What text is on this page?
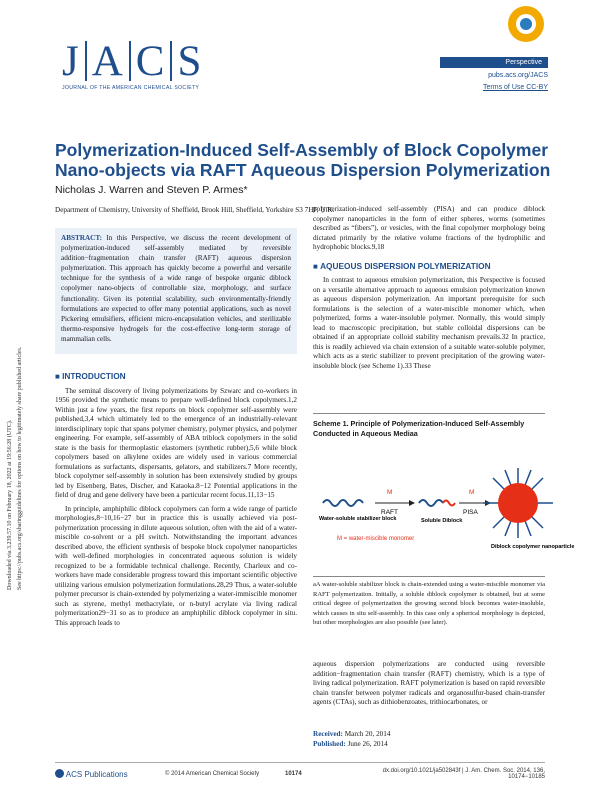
J A C S
JOURNAL OF THE AMERICAN CHEMICAL SOCIETY
Perspective
pubs.acs.org/JACS
Terms of Use CC-BY
Polymerization-Induced Self-Assembly of Block Copolymer Nano-objects via RAFT Aqueous Dispersion Polymerization
Nicholas J. Warren and Steven P. Armes*
Department of Chemistry, University of Sheffield, Brook Hill, Sheffield, Yorkshire S3 7HF, U.K.
Downloaded via 3.239.57.10 on February 18, 2022 at 19:56:28 (UTC). See https://pubs.acs.org/sharingguidelines for options on how to legitimately share published articles.
ABSTRACT: In this Perspective, we discuss the recent development of polymerization-induced self-assembly mediated by reversible addition−fragmentation chain transfer (RAFT) aqueous dispersion polymerization. This approach has quickly become a powerful and versatile technique for the synthesis of a wide range of bespoke organic diblock copolymer nano-objects of controllable size, morphology, and surface functionality. Given its potential scalability, such environmentally-friendly formulations are expected to offer many potential applications, such as novel Pickering emulsifiers, efficient micro-encapsulation vehicles, and sterilizable thermo-responsive hydrogels for the cost-effective long-term storage of mammalian cells.
■ INTRODUCTION

The seminal discovery of living polymerizations by Szwarc and co-workers in 1956 provided the synthetic means to prepare well-defined block copolymers.1,2 Within just a few years, the first reports on block copolymer self-assembly were published,3,4 which ultimately led to the emergence of an industrially-relevant interdisciplinary topic that spans polymer chemistry, polymer physics, and polymer engineering. For example, self-assembly of ABA triblock copolymers in the solid state is the basis for thermoplastic elastomers (synthetic rubber),5,6 while block copolymers based on alkylene oxides are widely used in various commercial formulations as surfactants, dispersants, gelators, and stabilizers.7 More recently, block copolymer self-assembly in solution has been extensively studied by groups led by Eisenberg, Bates, Discher, and Kataoka.8−12 Potential applications in the field of drug and gene delivery have been a particular recent focus.11,13−15

In principle, amphiphilic diblock copolymers can form a wide range of particle morphologies,8−10,16−27 but in practice this is usually achieved via post-polymerization processing in dilute aqueous solution, often with the aid of a water-miscible co-solvent or a pH switch. Notwithstanding the important advances described above, the efficient synthesis of bespoke block copolymer nanoparticles with well-defined morphologies in concentrated aqueous solution is widely recognized to be a formidable technical challenge. Recently, Charleux and co-workers have made considerable progress toward this important scientific objective utilizing various emulsion polymerization formulations.28,29 Thus, a water-soluble polymer precursor is chain-extended by polymerizing a water-immiscible monomer such as styrene, methyl methacrylate, or n-butyl acrylate via living radical polymerization29−31 so as to produce an amphiphilic diblock copolymer in situ. This approach leads to

polymerization-induced self-assembly (PISA) and can produce diblock copolymer nanoparticles in the form of either spheres, worms (sometimes described as “fibers”), or vesicles, with the final copolymer morphology being dictated primarily by the relative volume fractions of the hydrophilic and hydrophobic blocks.9,18

■ AQUEOUS DISPERSION POLYMERIZATION

In contrast to aqueous emulsion polymerization, this Perspective is focused on a versatile alternative approach to aqueous emulsion polymerization known as aqueous dispersion polymerization. An important prerequisite for such formulations is the selection of a water-miscible monomer which, when polymerized, forms a water-insoluble polymer. Normally, this would simply lead to macroscopic precipitation, but stable colloidal dispersions can be obtained if an appropriate colloid stability mechanism prevails.32 In practice, this is readily achieved via chain extension of a suitable water-soluble polymer, which acts as a steric stabilizer to prevent precipitation of the growing water-insoluble block (see Scheme 1).33 These

Scheme 1. Principle of Polymerization-Induced Self-Assembly Conducted in Aqueous Mediaa
M
RAFT
M
PISA
Water-soluble stabilizer block	Soluble Diblock
Diblock copolymer nanoparticle
M = water-miscible monomer
aA water-soluble stabilizer block is chain-extended using a water-miscible monomer via RAFT polymerization. Initially, a soluble diblock copolymer is obtained, but at some critical degree of polymerization the growing second block becomes water-insoluble, which causes in situ self-assembly. In this case only a spherical morphology is depicted, but other morphologies are also possible (see later).

aqueous dispersion polymerizations are conducted using reversible addition−fragmentation chain transfer (RAFT) chemistry, which is a type of living radical polymerization. RAFT polymerization is based on rapid reversible chain transfer between polymer radicals and organosulfur-based chain-transfer agents (CTAs), such as dithiobenzoates, trithiocarbonates, or

Received: March 20, 2014
Published: June 26, 2014
ACS Publications	© 2014 American Chemical Society	10174	dx.doi.org/10.1021/ja502843f | J. Am. Chem. Soc. 2014, 136, 10174−10185
